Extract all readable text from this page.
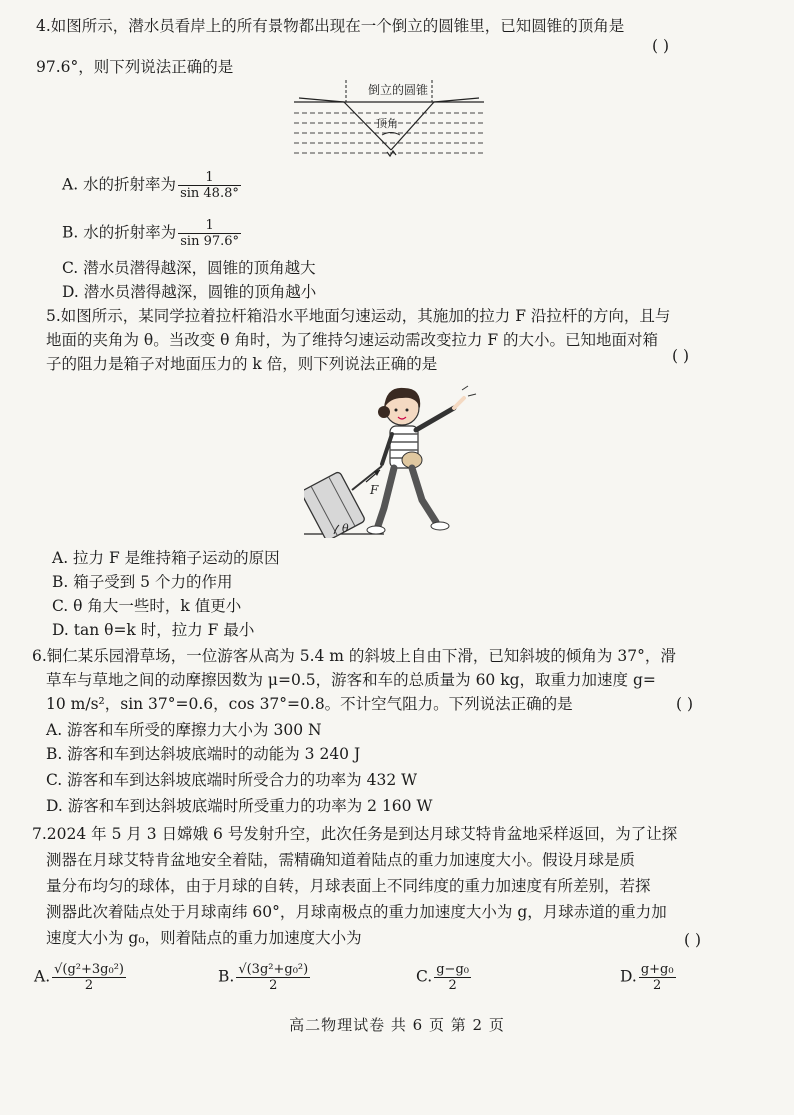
4.如图所示，潜水员看岸上的所有景物都出现在一个倒立的圆锥里，已知圆锥的顶角是
( )
97.6°，则下列说法正确的是
倒立的圆锥
顶角
A. 水的折射率为 $\frac{1}{\sin 48.8^\circ}$
B. 水的折射率为 $\frac{1}{\sin 97.6^\circ}$
C. 潜水员潜得越深，圆锥的顶角越大
D. 潜水员潜得越深，圆锥的顶角越小
5.如图所示，某同学拉着拉杆箱沿水平地面匀速运动，其施加的拉力 F 沿拉杆的方向，且与
地面的夹角为 θ。当改变 θ 角时，为了维持匀速运动需改变拉力 F 的大小。已知地面对箱
( )
子的阻力是箱子对地面压力的 k 倍，则下列说法正确的是
F
θ
A. 拉力 F 是维持箱子运动的原因
B. 箱子受到 5 个力的作用
C. θ 角大一些时，k 值更小
D. tan θ=k 时，拉力 F 最小
6.铜仁某乐园滑草场，一位游客从高为 5.4 m 的斜坡上自由下滑，已知斜坡的倾角为 37°，滑
草车与草地之间的动摩擦因数为 μ=0.5，游客和车的总质量为 60 kg，取重力加速度 g=
10 m/s²，sin 37°=0.6，cos 37°=0.8。不计空气阻力。下列说法正确的是	( )
A. 游客和车所受的摩擦力大小为 300 N
B. 游客和车到达斜坡底端时的动能为 3 240 J
C. 游客和车到达斜坡底端时所受合力的功率为 432 W
D. 游客和车到达斜坡底端时所受重力的功率为 2 160 W
7.2024 年 5 月 3 日嫦娥 6 号发射升空，此次任务是到达月球艾特肯盆地采样返回，为了让探
测器在月球艾特肯盆地安全着陆，需精确知道着陆点的重力加速度大小。假设月球是质
量分布均匀的球体，由于月球的自转，月球表面上不同纬度的重力加速度有所差别，若探
测器此次着陆点处于月球南纬 60°，月球南极点的重力加速度大小为 g，月球赤道的重力加
速度大小为 g₀，则着陆点的重力加速度大小为	( )
A. $\frac{\text{√(g²+3g₀²)}}{2}$	B. $\frac{\text{√(3g²+g₀²)}}{2}$	C. $\frac{\text{g−g₀}}{2}$	D. $\frac{\text{g+g₀}}{2}$
高二物理试卷 共 6 页 第 2 页
